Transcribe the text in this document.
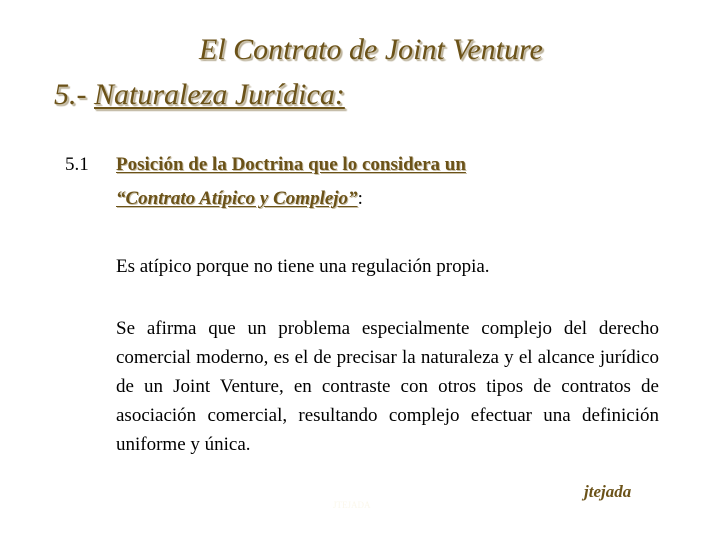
El Contrato de Joint Venture
5.- Naturaleza Jurídica:
5.1 Posición de la Doctrina que lo considera un
“Contrato Atípico y Complejo”:
Es atípico porque no tiene una regulación propia.
Se afirma que un problema especialmente complejo del derecho comercial moderno, es el de precisar la naturaleza y el alcance jurídico de un Joint Venture, en contraste con otros tipos de contratos de asociación comercial, resultando complejo efectuar una definición uniforme y única.
JTEJADA
jtejada
